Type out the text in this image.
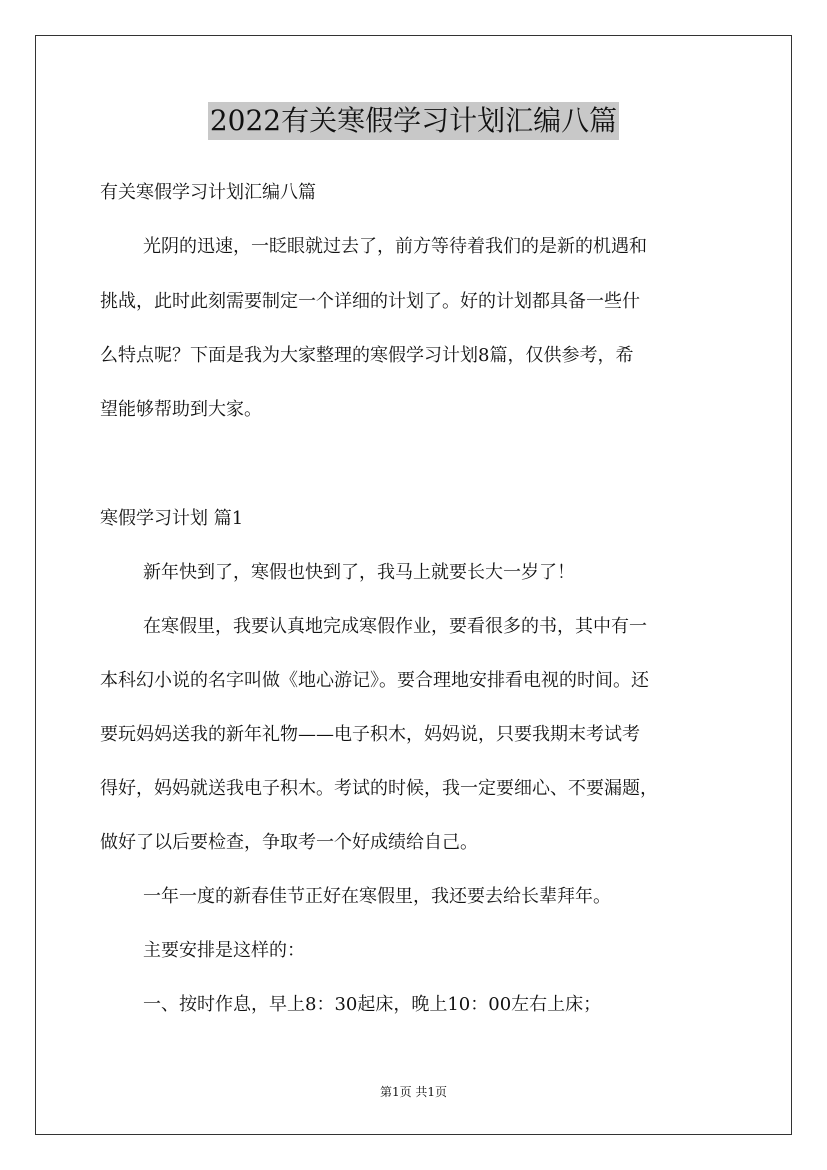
2022有关寒假学习计划汇编八篇

有关寒假学习计划汇编八篇

光阴的迅速，一眨眼就过去了，前方等待着我们的是新的机遇和

挑战，此时此刻需要制定一个详细的计划了。好的计划都具备一些什

么特点呢？下面是我为大家整理的寒假学习计划8篇，仅供参考，希

望能够帮助到大家。

寒假学习计划 篇1

新年快到了，寒假也快到了，我马上就要长大一岁了！

在寒假里，我要认真地完成寒假作业，要看很多的书，其中有一

本科幻小说的名字叫做《地心游记》。要合理地安排看电视的时间。还

要玩妈妈送我的新年礼物——电子积木，妈妈说，只要我期末考试考

得好，妈妈就送我电子积木。考试的时候，我一定要细心、不要漏题，

做好了以后要检查，争取考一个好成绩给自己。

一年一度的新春佳节正好在寒假里，我还要去给长辈拜年。

主要安排是这样的：

一、按时作息，早上8：30起床，晚上10：00左右上床；

第1页 共1页
